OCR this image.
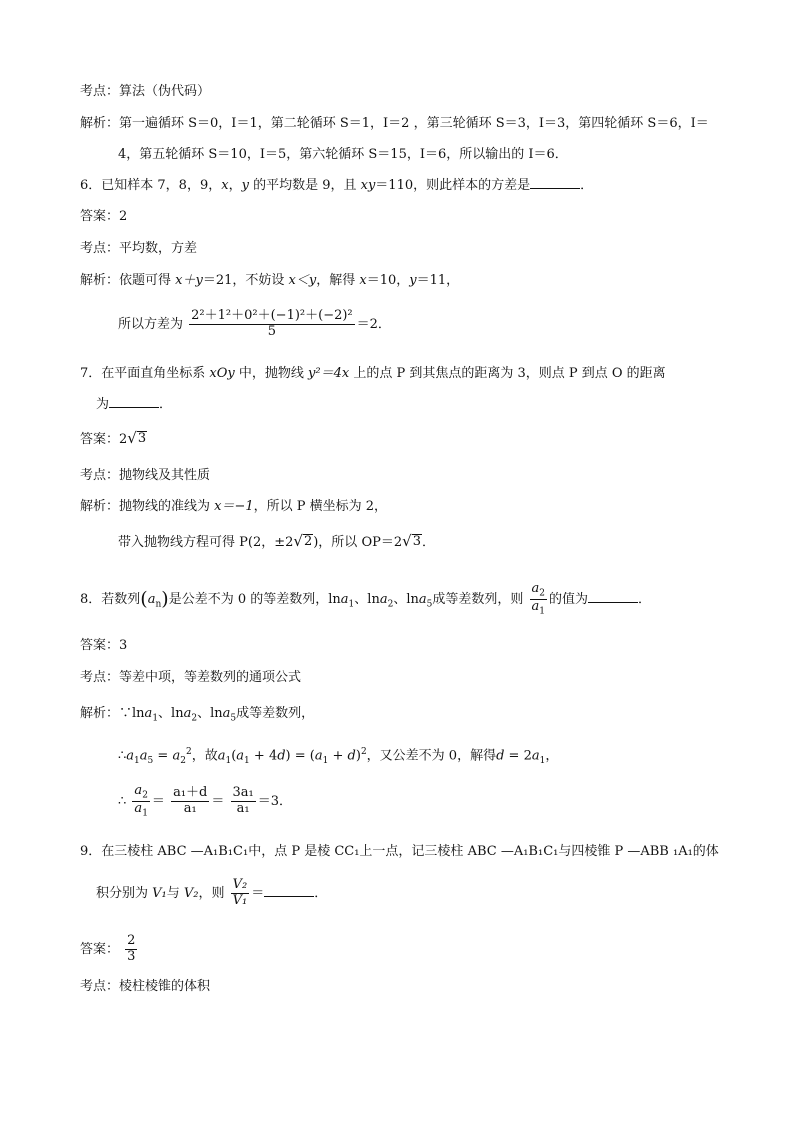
考点：算法（伪代码）
解析：第一遍循环 S＝0，I＝1，第二轮循环 S＝1，I＝2 ，第三轮循环 S＝3，I＝3，第四轮循环 S＝6，I＝
4，第五轮循环 S＝10，I＝5，第六轮循环 S＝15，I＝6，所以输出的 I＝6．
6．已知样本 7，8，9，x，y 的平均数是 9，且 xy＝110，则此样本的方差是	．
答案：2
考点：平均数，方差
解析：依题可得 x＋y＝21，不妨设 x＜y，解得 x＝10，y＝11，
所以方差为 $\frac{\text{2²＋1²＋0²＋(−1)²＋(−2)²}}{5} =2$．
7．在平面直角坐标系 xOy 中，抛物线 y²＝4x 上的点 P 到其焦点的距离为 3，则点 P 到点 O 的距离
为	．
答案：2 √ 3
考点：抛物线及其性质
解析：抛物线的准线为 x＝−1，所以 P 横坐标为 2，
带入抛物线方程可得 P(2，±2 √ 2 )，所以 OP＝2 √ 3 ．
8．若数列$(a_n)$是公差不为 0 的等差数列，lna$_1$、lna$_2$、lna$_5$成等差数列，则 $\frac{a_2}{a_1}$ 的值为	．
答案：3
考点：等差中项，等差数列的通项公式
解析：∵lna$_1$、lna$_2$、lna$_5$成等差数列，
$\therefore a_1a_5 = a_2^2$，故$a_1(a_1 + 4d) = (a_1 + d)^2$，又公差不为 0，解得$d = 2a_1$，
∴ $\frac{a_2}{a_1} = \frac{\text{a₁＋d}}{\text{a₁}} = \frac{\text{3a₁}}{\text{a₁}} =3$．
9．在三棱柱 ABC —A₁B₁C₁中，点 P 是棱 CC₁上一点，记三棱柱 ABC —A₁B₁C₁与四棱锥 P —ABB ₁A₁的体
积分别为 V₁与 V₂，则 $\frac{\text{V₂}}{\text{V₁}}$ ＝	．
答案： $\frac{2}{3}$
考点：棱柱棱锥的体积
